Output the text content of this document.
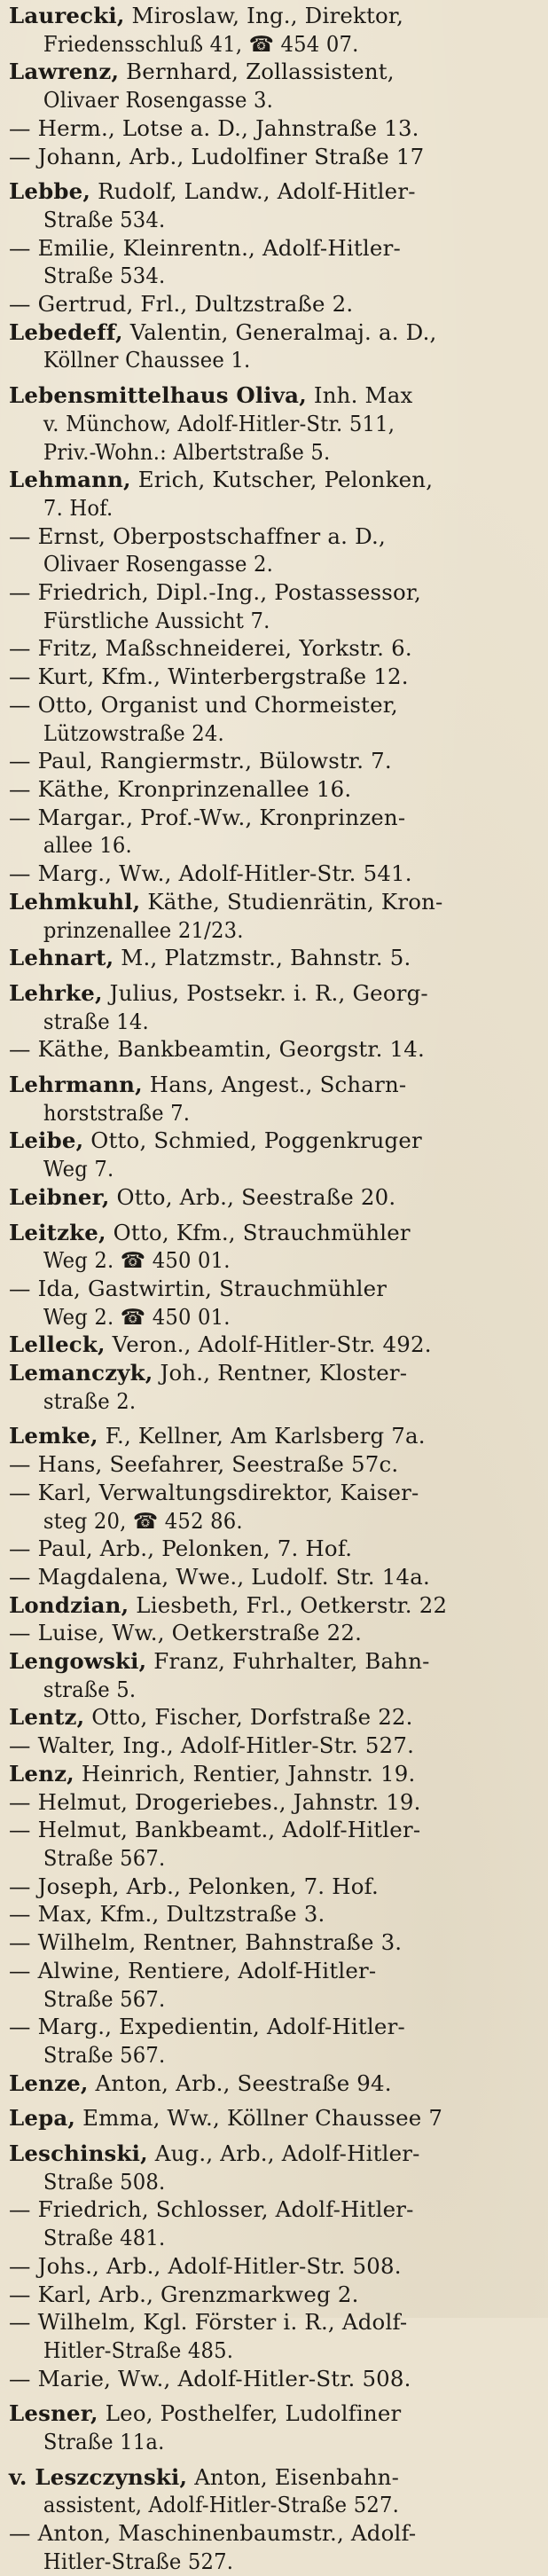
Laurecki, Miroslaw, Ing., Direktor,
Friedensschluß 41, ☎ 454 07.
Lawrenz, Bernhard, Zollassistent,
Olivaer Rosengasse 3.
— Herm., Lotse a. D., Jahnstraße 13.
— Johann, Arb., Ludolfiner Straße 17
Lebbe, Rudolf, Landw., Adolf-Hitler-
Straße 534.
— Emilie, Kleinrentn., Adolf-Hitler-
Straße 534.
— Gertrud, Frl., Dultzstraße 2.
Lebedeff, Valentin, Generalmaj. a. D.,
Köllner Chaussee 1.
Lebensmittelhaus Oliva, Inh. Max
v. Münchow, Adolf-Hitler-Str. 511,
Priv.-Wohn.: Albertstraße 5.
Lehmann, Erich, Kutscher, Pelonken,
7. Hof.
— Ernst, Oberpostschaffner a. D.,
Olivaer Rosengasse 2.
— Friedrich, Dipl.-Ing., Postassessor,
Fürstliche Aussicht 7.
— Fritz, Maßschneiderei, Yorkstr. 6.
— Kurt, Kfm., Winterbergstraße 12.
— Otto, Organist und Chormeister,
Lützowstraße 24.
— Paul, Rangiermstr., Bülowstr. 7.
— Käthe, Kronprinzenallee 16.
— Margar., Prof.-Ww., Kronprinzen-
allee 16.
— Marg., Ww., Adolf-Hitler-Str. 541.
Lehmkuhl, Käthe, Studienrätin, Kron-
prinzenallee 21/23.
Lehnart, M., Platzmstr., Bahnstr. 5.
Lehrke, Julius, Postsekr. i. R., Georg-
straße 14.
— Käthe, Bankbeamtin, Georgstr. 14.
Lehrmann, Hans, Angest., Scharn-
horststraße 7.
Leibe, Otto, Schmied, Poggenkruger
Weg 7.
Leibner, Otto, Arb., Seestraße 20.
Leitzke, Otto, Kfm., Strauchmühler
Weg 2. ☎ 450 01.
— Ida, Gastwirtin, Strauchmühler
Weg 2. ☎ 450 01.
Lelleck, Veron., Adolf-Hitler-Str. 492.
Lemanczyk, Joh., Rentner, Kloster-
straße 2.
Lemke, F., Kellner, Am Karlsberg 7a.
— Hans, Seefahrer, Seestraße 57c.
— Karl, Verwaltungsdirektor, Kaiser-
steg 20, ☎ 452 86.
— Paul, Arb., Pelonken, 7. Hof.
— Magdalena, Wwe., Ludolf. Str. 14a.
Londzian, Liesbeth, Frl., Oetkerstr. 22
— Luise, Ww., Oetkerstraße 22.
Lengowski, Franz, Fuhrhalter, Bahn-
straße 5.
Lentz, Otto, Fischer, Dorfstraße 22.
— Walter, Ing., Adolf-Hitler-Str. 527.
Lenz, Heinrich, Rentier, Jahnstr. 19.
— Helmut, Drogeriebes., Jahnstr. 19.
— Helmut, Bankbeamt., Adolf-Hitler-
Straße 567.
— Joseph, Arb., Pelonken, 7. Hof.
— Max, Kfm., Dultzstraße 3.
— Wilhelm, Rentner, Bahnstraße 3.
— Alwine, Rentiere, Adolf-Hitler-
Straße 567.
— Marg., Expedientin, Adolf-Hitler-
Straße 567.
Lenze, Anton, Arb., Seestraße 94.
Lepa, Emma, Ww., Köllner Chaussee 7
Leschinski, Aug., Arb., Adolf-Hitler-
Straße 508.
— Friedrich, Schlosser, Adolf-Hitler-
Straße 481.
— Johs., Arb., Adolf-Hitler-Str. 508.
— Karl, Arb., Grenzmarkweg 2.
— Wilhelm, Kgl. Förster i. R., Adolf-
Hitler-Straße 485.
— Marie, Ww., Adolf-Hitler-Str. 508.
Lesner, Leo, Posthelfer, Ludolfiner
Straße 11a.
v. Leszczynski, Anton, Eisenbahn-
assistent, Adolf-Hitler-Straße 527.
— Anton, Maschinenbaumstr., Adolf-
Hitler-Straße 527.
